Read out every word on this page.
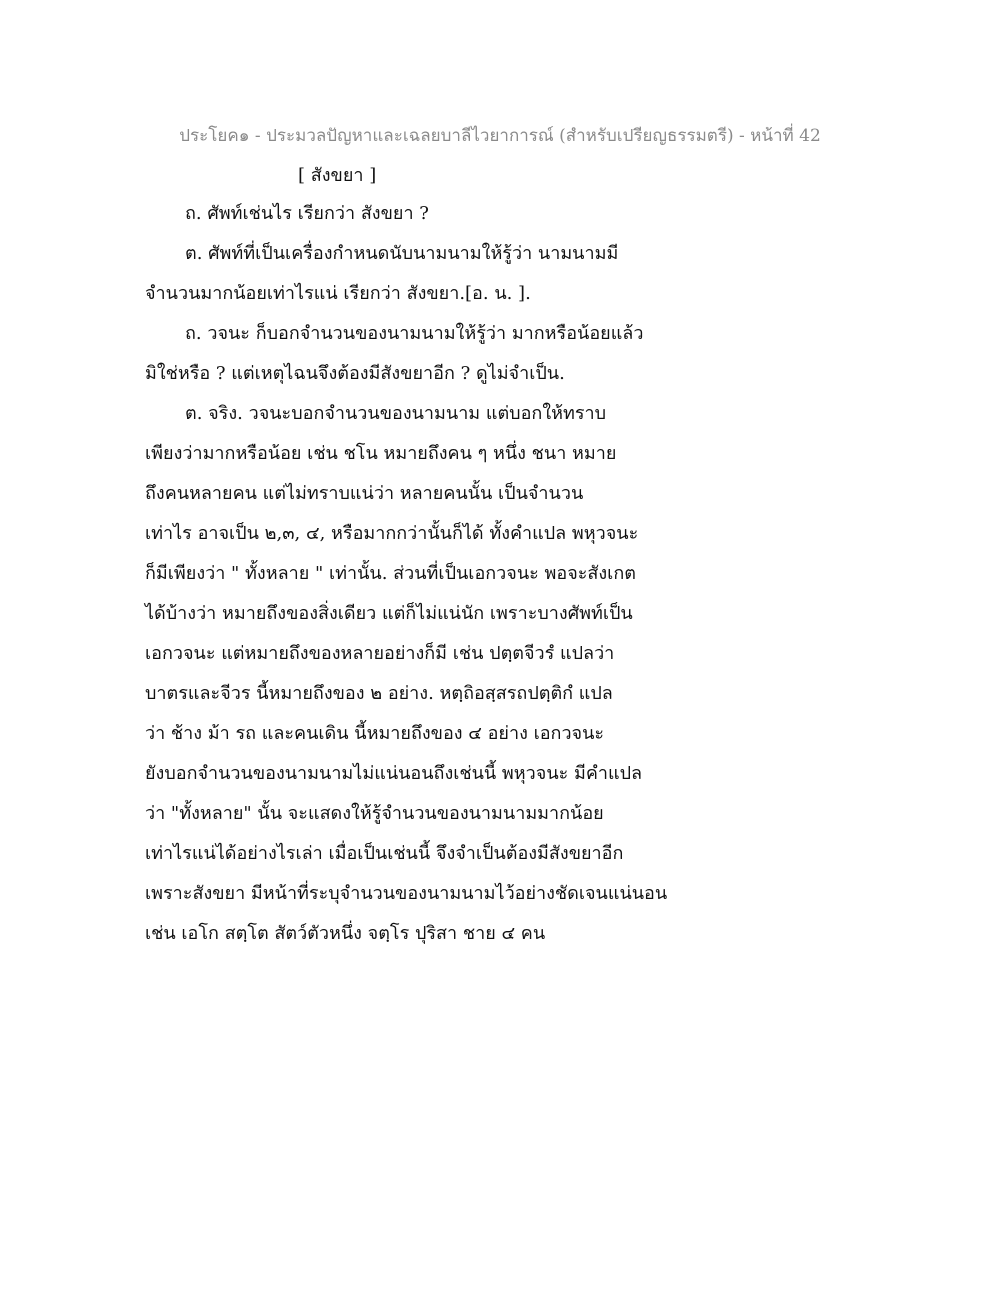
ประโยค๑ - ประมวลปัญหาและเฉลยบาลีไวยาการณ์ (สำหรับเปรียญธรรมตรี) - หน้าที่ 42
[ สังขยา ]
ถ. ศัพท์เช่นไร เรียกว่า สังขยา ?
ต. ศัพท์ที่เป็นเครื่องกำหนดนับนามนามให้รู้ว่า นามนามมี
จำนวนมากน้อยเท่าไรแน่ เรียกว่า สังขยา.[อ. น. ].
ถ. วจนะ ก็บอกจำนวนของนามนามให้รู้ว่า มากหรือน้อยแล้ว
มิใช่หรือ ? แต่เหตุไฉนจึงต้องมีสังขยาอีก ? ดูไม่จำเป็น.
ต. จริง. วจนะบอกจำนวนของนามนาม แต่บอกให้ทราบ
เพียงว่ามากหรือน้อย เช่น ชโน หมายถึงคน ๆ หนึ่ง ชนา หมาย
ถึงคนหลายคน แต่ไม่ทราบแน่ว่า หลายคนนั้น เป็นจำนวน
เท่าไร อาจเป็น ๒,๓, ๔, หรือมากกว่านั้นก็ได้ ทั้งคำแปล พหุวจนะ
ก็มีเพียงว่า " ทั้งหลาย " เท่านั้น. ส่วนที่เป็นเอกวจนะ พอจะสังเกต
ได้บ้างว่า หมายถึงของสิ่งเดียว แต่ก็ไม่แน่นัก เพราะบางศัพท์เป็น
เอกวจนะ แต่หมายถึงของหลายอย่างก็มี เช่น ปตฺตจีวรํ แปลว่า
บาตรและจีวร นี้หมายถึงของ ๒ อย่าง. หตฺถิอสฺสรถปตฺติกํ แปล
ว่า ช้าง ม้า รถ และคนเดิน นี้หมายถึงของ ๔ อย่าง เอกวจนะ
ยังบอกจำนวนของนามนามไม่แน่นอนถึงเช่นนี้ พหุวจนะ มีคำแปล
ว่า "ทั้งหลาย" นั้น จะแสดงให้รู้จำนวนของนามนามมากน้อย
เท่าไรแน่ได้อย่างไรเล่า เมื่อเป็นเช่นนี้ จึงจำเป็นต้องมีสังขยาอีก
เพราะสังขยา มีหน้าที่ระบุจำนวนของนามนามไว้อย่างชัดเจนแน่นอน
เช่น เอโก สตฺโต สัตว์ตัวหนึ่ง จตฺโร ปุริสา ชาย ๔ คน
